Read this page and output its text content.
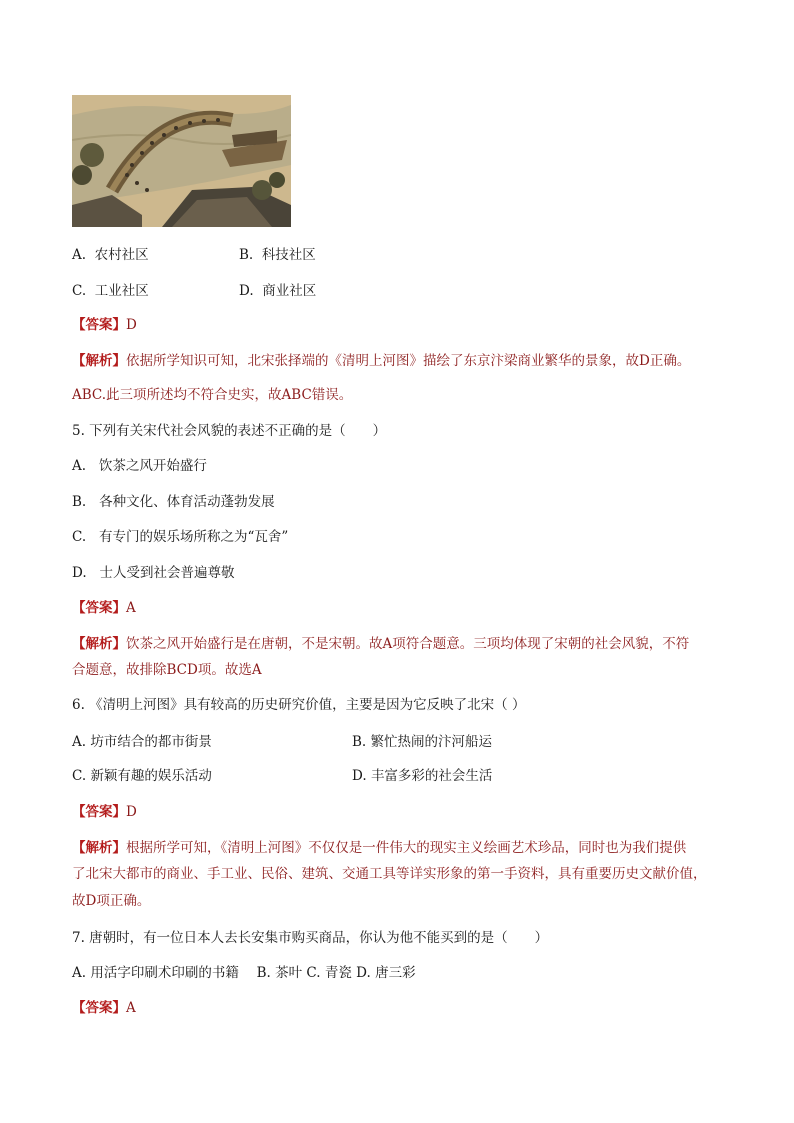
A. 农村社区	B. 科技社区
C. 工业社区	D. 商业社区
【答案】D
【解析】依据所学知识可知，北宋张择端的《清明上河图》描绘了东京汴梁商业繁华的景象，故D正确。
ABC.此三项所述均不符合史实，故ABC错误。
5. 下列有关宋代社会风貌的表述不正确的是（　　）
A. 饮茶之风开始盛行
B. 各种文化、体育活动蓬勃发展
C. 有专门的娱乐场所称之为“瓦舍”
D. 士人受到社会普遍尊敬
【答案】A
【解析】饮茶之风开始盛行是在唐朝，不是宋朝。故A项符合题意。三项均体现了宋朝的社会风貌，不符
合题意，故排除BCD项。故选A
6. 《清明上河图》具有较高的历史研究价值，主要是因为它反映了北宋（ ）
A. 坊市结合的都市街景	B. 繁忙热闹的汴河船运
C. 新颖有趣的娱乐活动	D. 丰富多彩的社会生活
【答案】D
【解析】根据所学可知，《清明上河图》不仅仅是一件伟大的现实主义绘画艺术珍品，同时也为我们提供
了北宋大都市的商业、手工业、民俗、建筑、交通工具等详实形象的第一手资料，具有重要历史文献价值，
故D项正确。
7. 唐朝时，有一位日本人去长安集市购买商品，你认为他不能买到的是（　　）
A. 用活字印刷术印刷的书籍　 B. 茶叶 C. 青瓷 D. 唐三彩
【答案】A
